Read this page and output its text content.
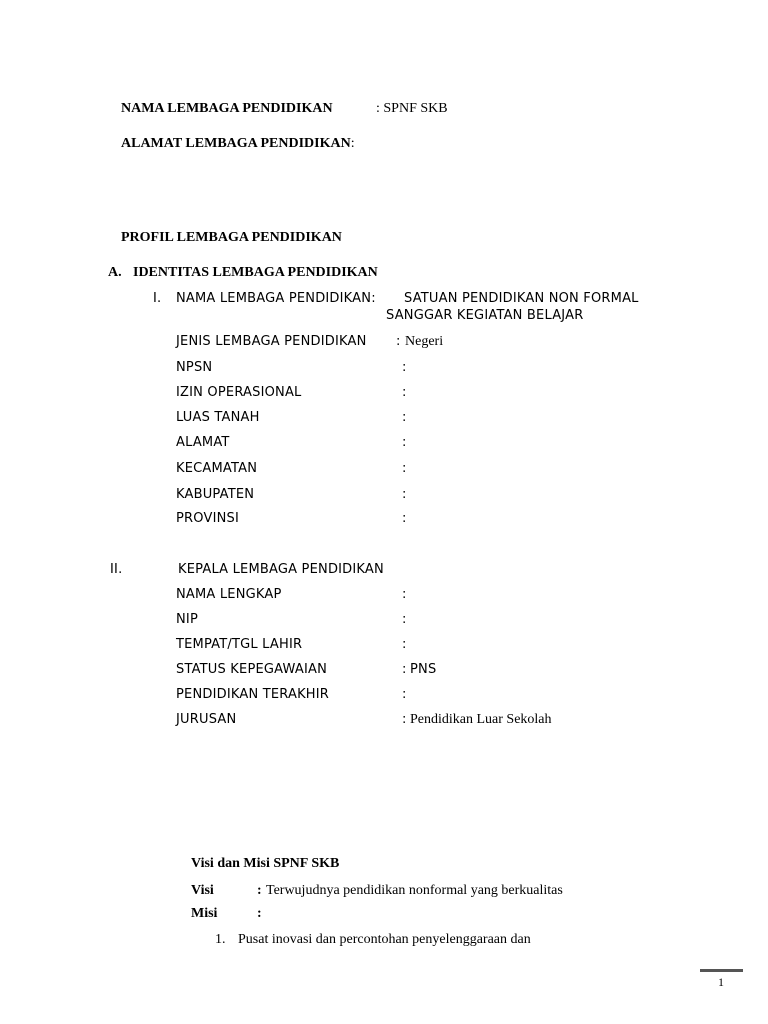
NAMA LEMBAGA PENDIDIKAN	: SPNF SKB
ALAMAT LEMBAGA PENDIDIKAN:
PROFIL LEMBAGA PENDIDIKAN
A. IDENTITAS LEMBAGA PENDIDIKAN
I. NAMA LEMBAGA PENDIDIKAN: SATUAN PENDIDIKAN NON FORMAL
SANGGAR KEGIATAN BELAJAR
JENIS LEMBAGA PENDIDIKAN : Negeri
NPSN	:
IZIN OPERASIONAL	:
LUAS TANAH	:
ALAMAT	:
KECAMATAN	:
KABUPATEN	:
PROVINSI	:
II.	KEPALA LEMBAGA PENDIDIKAN
NAMA LENGKAP	:
NIP	:
TEMPAT/TGL LAHIR	:
STATUS KEPEGAWAIAN	: PNS
PENDIDIKAN TERAKHIR	:
JURUSAN	: Pendidikan Luar Sekolah
Visi dan Misi SPNF SKB
Visi	: Terwujudnya pendidikan nonformal yang berkualitas
Misi	:
1. Pusat inovasi dan percontohan penyelenggaraan dan
1
